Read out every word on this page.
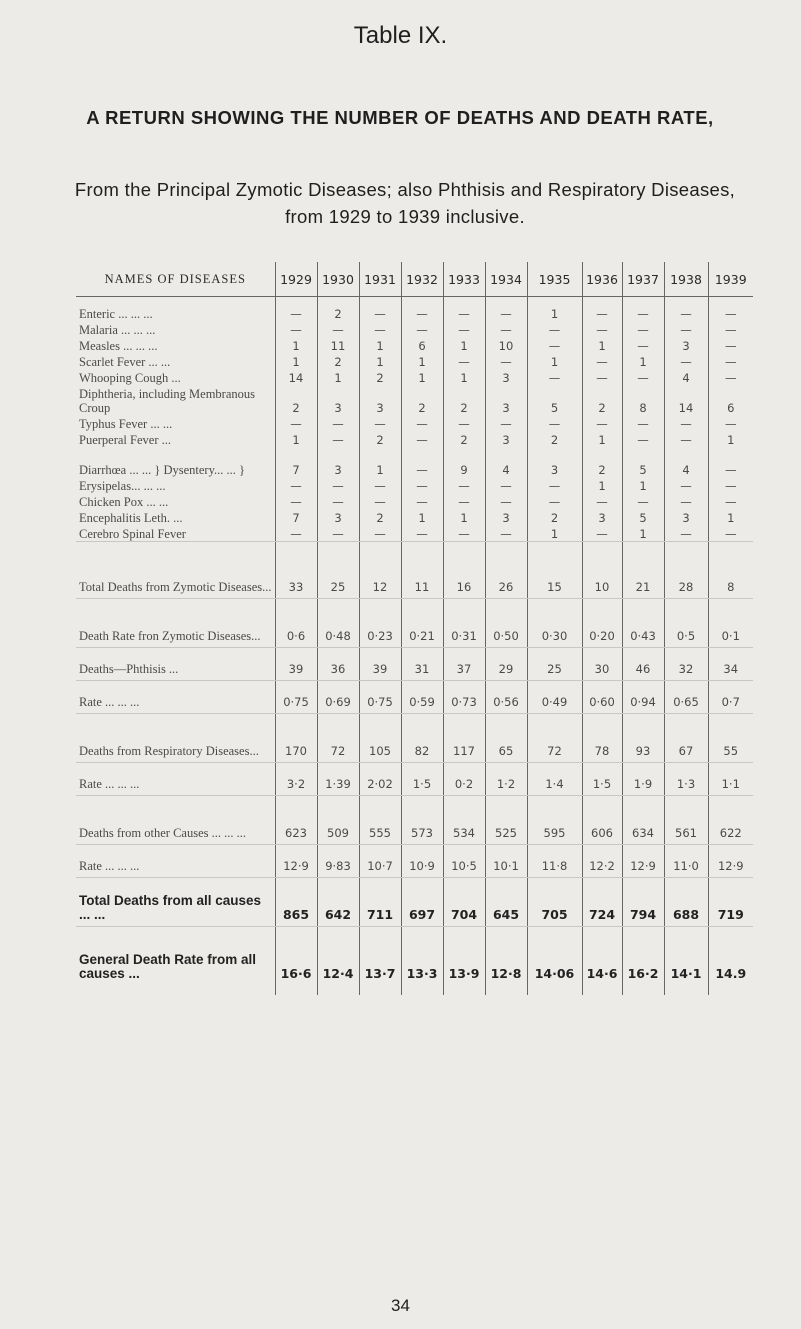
Table IX.
A RETURN SHOWING THE NUMBER OF DEATHS AND DEATH RATE,
From the Principal Zymotic Diseases; also Phthisis and Respiratory Diseases, from 1929 to 1939 inclusive.
NAMES OF DISEASES	1929	1930	1931	1932	1933	1934	1935	1936	1937	1938	1939
Enteric ... ... ...	—	2	—	—	—	—	1	—	—	—	—
Malaria ... ... ...	—	—	—	—	—	—	—	—	—	—	—
Measles ... ... ...	1	11	1	6	1	10	—	1	—	3	—
Scarlet Fever ... ...	1	2	1	1	—	—	1	—	1	—	—
Whooping Cough ...	14	1	2	1	1	3	—	—	—	4	—
Diphtheria, including Membranous Croup	2	3	3	2	2	3	5	2	8	14	6
Typhus Fever ... ...	—	—	—	—	—	—	—	—	—	—	—
Puerperal Fever ...	1	—	2	—	2	3	2	1	—	—	1
Diarrhœa ... ... } Dysentery... ... }	7	3	1	—	9	4	3	2	5	4	—
Erysipelas... ... ...	—	—	—	—	—	—	—	1	1	—	—
Chicken Pox ... ...	—	—	—	—	—	—	—	—	—	—	—
Encephalitis Leth. ...	7	3	2	1	1	3	2	3	5	3	1
Cerebro Spinal Fever	—	—	—	—	—	—	1	—	1	—	—
Total Deaths from Zymotic Diseases...	33	25	12	11	16	26	15	10	21	28	8
Death Rate fron Zymotic Diseases...	0·6	0·48	0·23	0·21	0·31	0·50	0·30	0·20	0·43	0·5	0·1
Deaths—Phthisis ...	39	36	39	31	37	29	25	30	46	32	34
Rate ... ... ...	0·75	0·69	0·75	0·59	0·73	0·56	0·49	0·60	0·94	0·65	0·7
Deaths from Respiratory Diseases...	170	72	105	82	117	65	72	78	93	67	55
Rate ... ... ...	3·2	1·39	2·02	1·5	0·2	1·2	1·4	1·5	1·9	1·3	1·1
Deaths from other Causes ... ... ...	623	509	555	573	534	525	595	606	634	561	622
Rate ... ... ...	12·9	9·83	10·7	10·9	10·5	10·1	11·8	12·2	12·9	11·0	12·9
Total Deaths from all causes ... ...	865	642	711	697	704	645	705	724	794	688	719
General Death Rate from all causes ...	16·6	12·4	13·7	13·3	13·9	12·8	14·06	14·6	16·2	14·1	14.9
34
